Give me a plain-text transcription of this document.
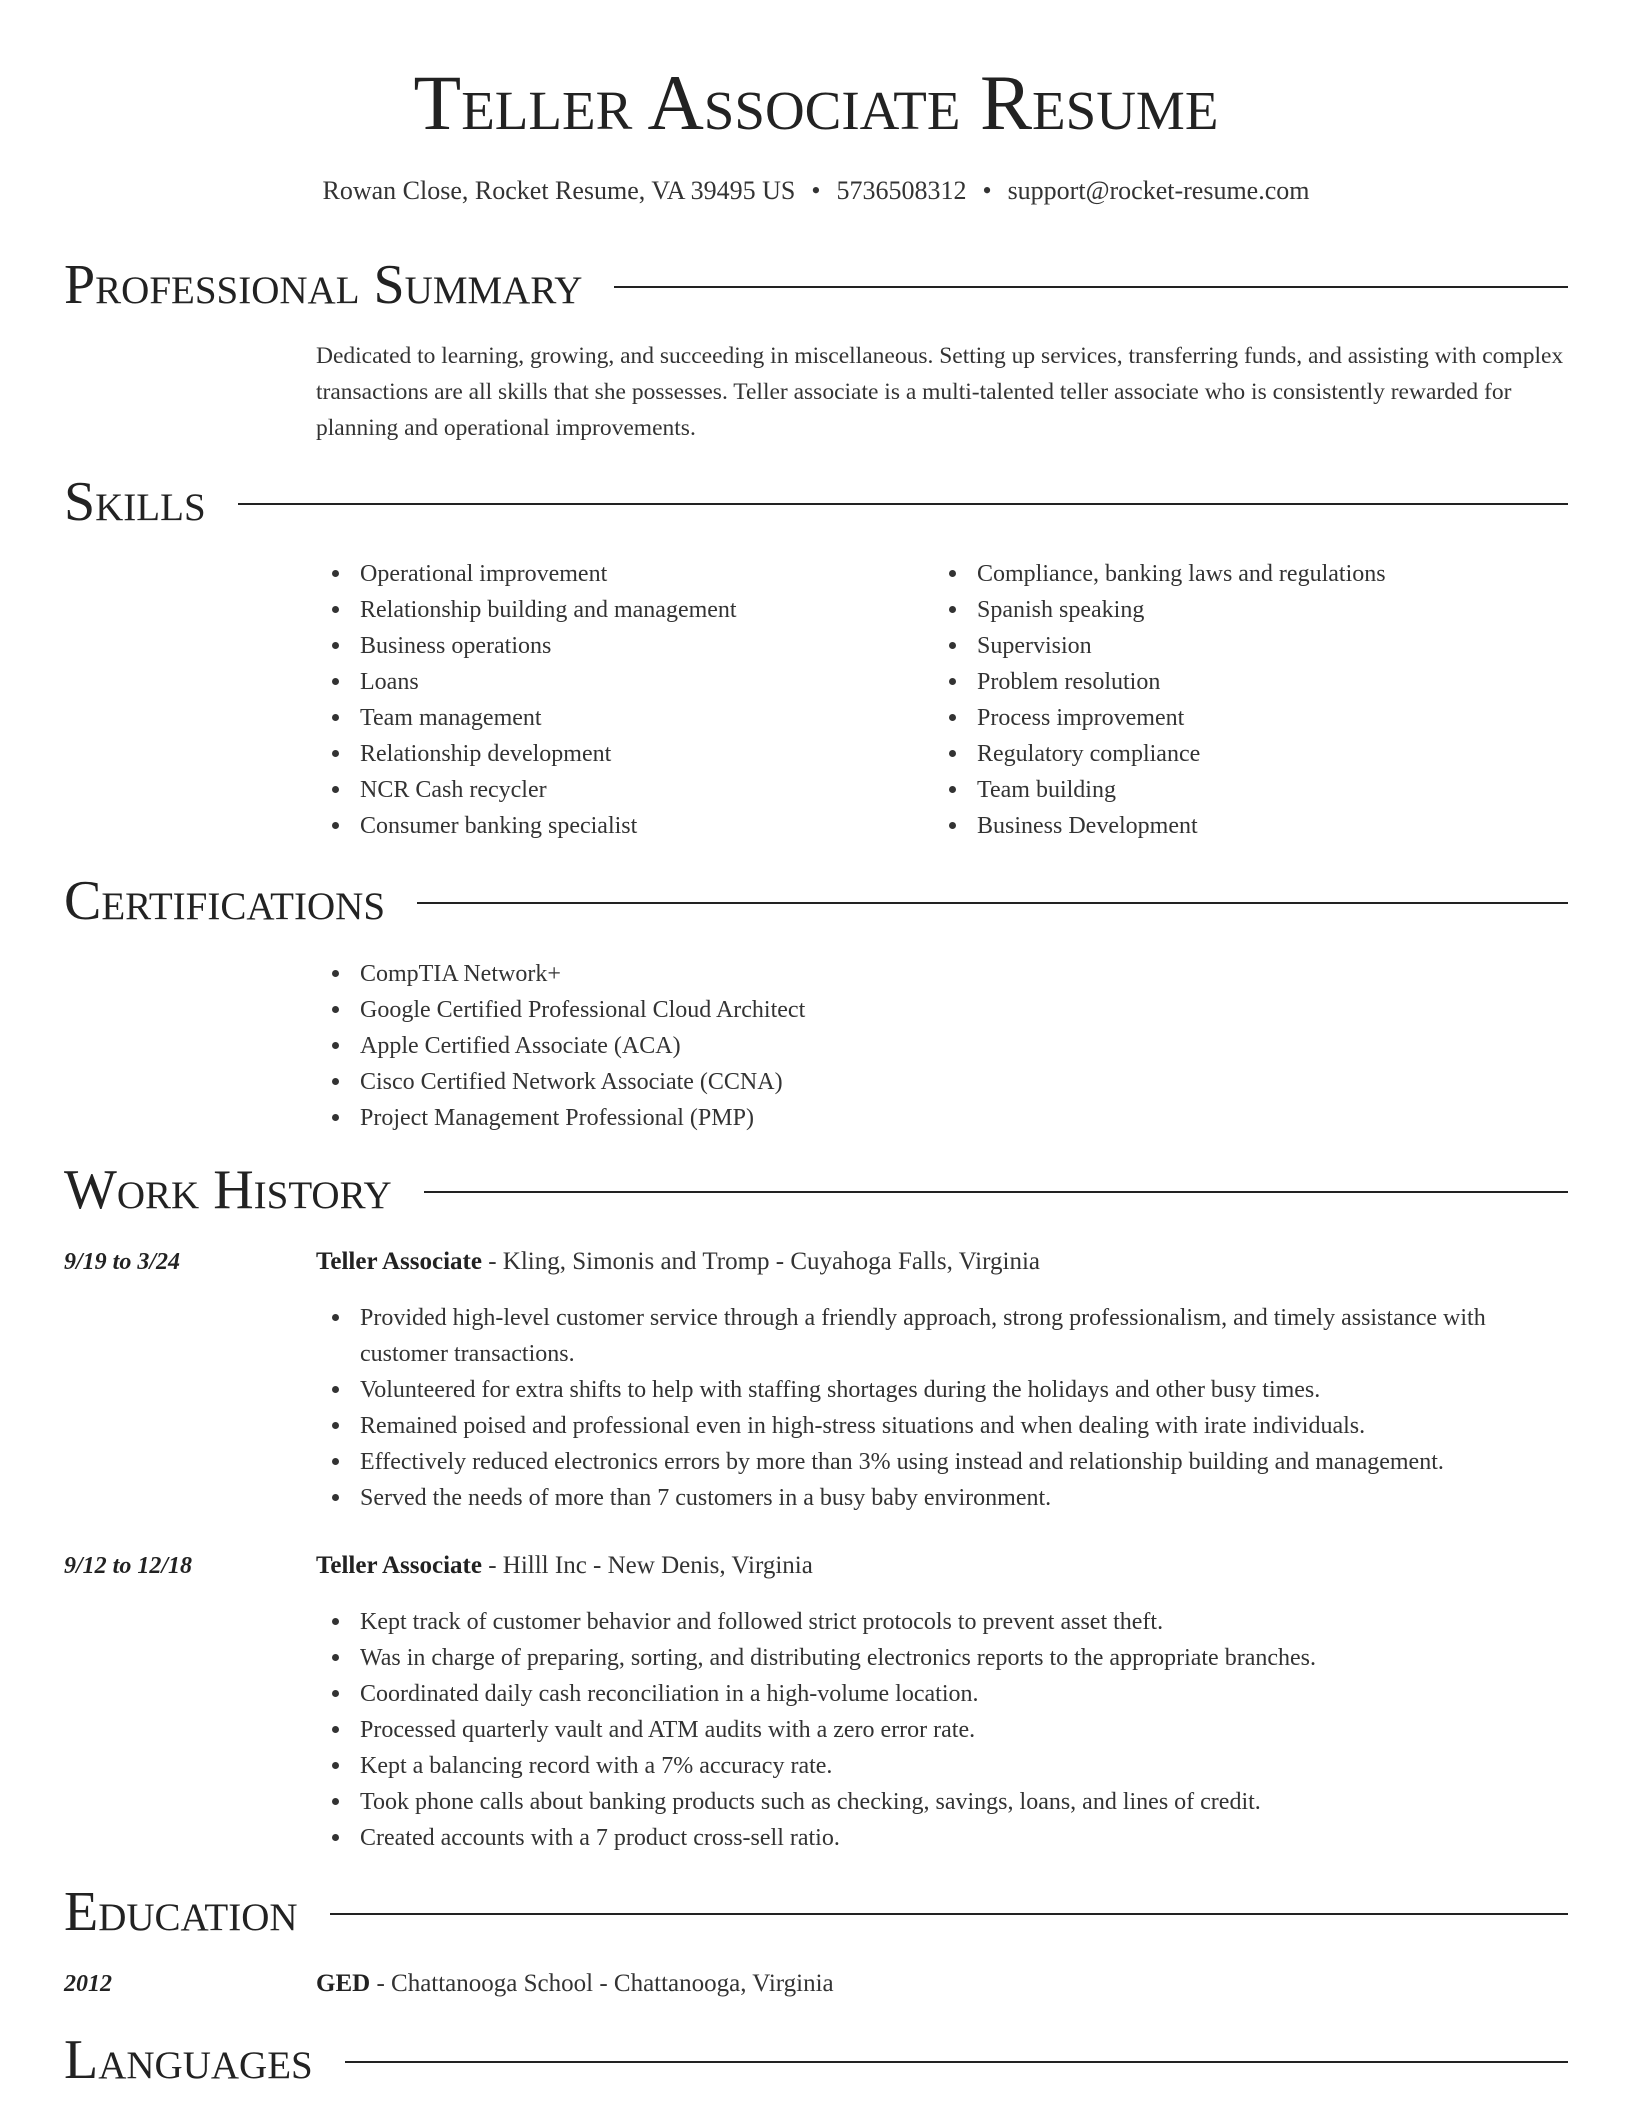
Teller Associate Resume
Rowan Close, Rocket Resume, VA 39495 US • 5736508312 • support@rocket-resume.com
Professional Summary
Dedicated to learning, growing, and succeeding in miscellaneous. Setting up services, transferring funds, and assisting with complex transactions are all skills that she possesses. Teller associate is a multi-talented teller associate who is consistently rewarded for planning and operational improvements.
Skills
Operational improvement
Relationship building and management
Business operations
Loans
Team management
Relationship development
NCR Cash recycler
Consumer banking specialist
Compliance, banking laws and regulations
Spanish speaking
Supervision
Problem resolution
Process improvement
Regulatory compliance
Team building
Business Development
Certifications
CompTIA Network+
Google Certified Professional Cloud Architect
Apple Certified Associate (ACA)
Cisco Certified Network Associate (CCNA)
Project Management Professional (PMP)
Work History
9/19 to 3/24	Teller Associate - Kling, Simonis and Tromp - Cuyahoga Falls, Virginia
Provided high-level customer service through a friendly approach, strong professionalism, and timely assistance with customer transactions.
Volunteered for extra shifts to help with staffing shortages during the holidays and other busy times.
Remained poised and professional even in high-stress situations and when dealing with irate individuals.
Effectively reduced electronics errors by more than 3% using instead and relationship building and management.
Served the needs of more than 7 customers in a busy baby environment.
9/12 to 12/18	Teller Associate - Hilll Inc - New Denis, Virginia
Kept track of customer behavior and followed strict protocols to prevent asset theft.
Was in charge of preparing, sorting, and distributing electronics reports to the appropriate branches.
Coordinated daily cash reconciliation in a high-volume location.
Processed quarterly vault and ATM audits with a zero error rate.
Kept a balancing record with a 7% accuracy rate.
Took phone calls about banking products such as checking, savings, loans, and lines of credit.
Created accounts with a 7 product cross-sell ratio.
Education
2012	GED - Chattanooga School - Chattanooga, Virginia
Languages
